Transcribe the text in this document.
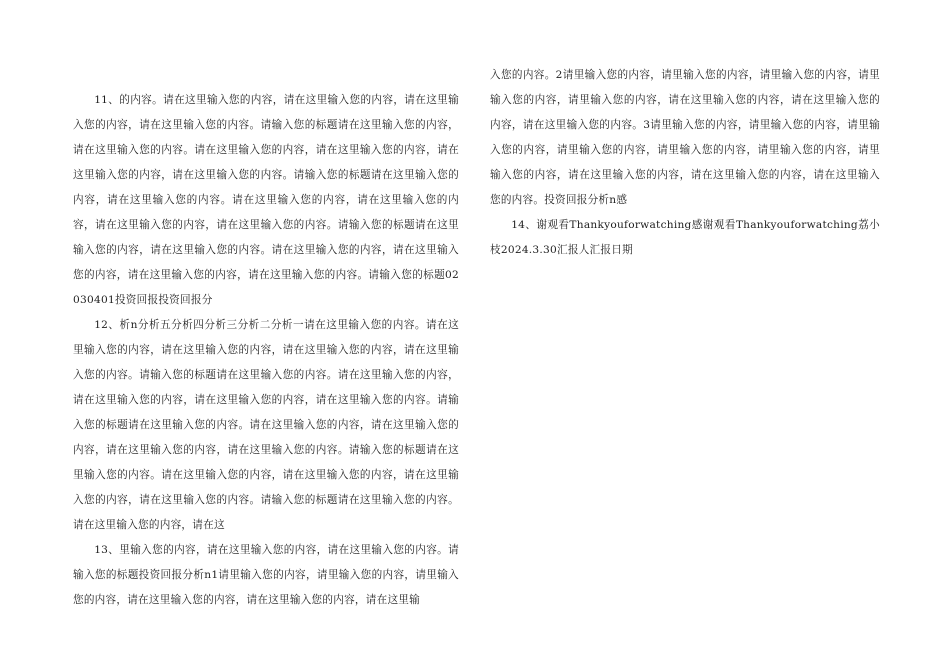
11、的内容。请在这里输入您的内容，请在这里输入您的内容，请在这里输入您的内容，请在这里输入您的内容。请输入您的标题请在这里输入您的内容，请在这里输入您的内容。请在这里输入您的内容，请在这里输入您的内容，请在这里输入您的内容，请在这里输入您的内容。请输入您的标题请在这里输入您的内容，请在这里输入您的内容。请在这里输入您的内容，请在这里输入您的内容，请在这里输入您的内容，请在这里输入您的内容。请输入您的标题请在这里输入您的内容，请在这里输入您的内容。请在这里输入您的内容，请在这里输入您的内容，请在这里输入您的内容，请在这里输入您的内容。请输入您的标题02030401投资回报投资回报分

12、析n分析五分析四分析三分析二分析一请在这里输入您的内容。请在这里输入您的内容，请在这里输入您的内容，请在这里输入您的内容，请在这里输入您的内容。请输入您的标题请在这里输入您的内容。请在这里输入您的内容，请在这里输入您的内容，请在这里输入您的内容，请在这里输入您的内容。请输入您的标题请在这里输入您的内容。请在这里输入您的内容，请在这里输入您的内容，请在这里输入您的内容，请在这里输入您的内容。请输入您的标题请在这里输入您的内容。请在这里输入您的内容，请在这里输入您的内容，请在这里输入您的内容，请在这里输入您的内容。请输入您的标题请在这里输入您的内容。请在这里输入您的内容，请在这

13、里输入您的内容，请在这里输入您的内容，请在这里输入您的内容。请输入您的标题投资回报分析n1请里输入您的内容，请里输入您的内容，请里输入您的内容，请在这里输入您的内容，请在这里输入您的内容，请在这里输

入您的内容。2请里输入您的内容，请里输入您的内容，请里输入您的内容，请里输入您的内容，请里输入您的内容，请在这里输入您的内容，请在这里输入您的内容，请在这里输入您的内容。3请里输入您的内容，请里输入您的内容，请里输入您的内容，请里输入您的内容，请里输入您的内容，请里输入您的内容，请里输入您的内容，请在这里输入您的内容，请在这里输入您的内容，请在这里输入您的内容。投资回报分析n感

14、谢观看Thankyouforwatching感谢观看Thankyouforwatching荔小枝2024.3.30汇报人汇报日期
